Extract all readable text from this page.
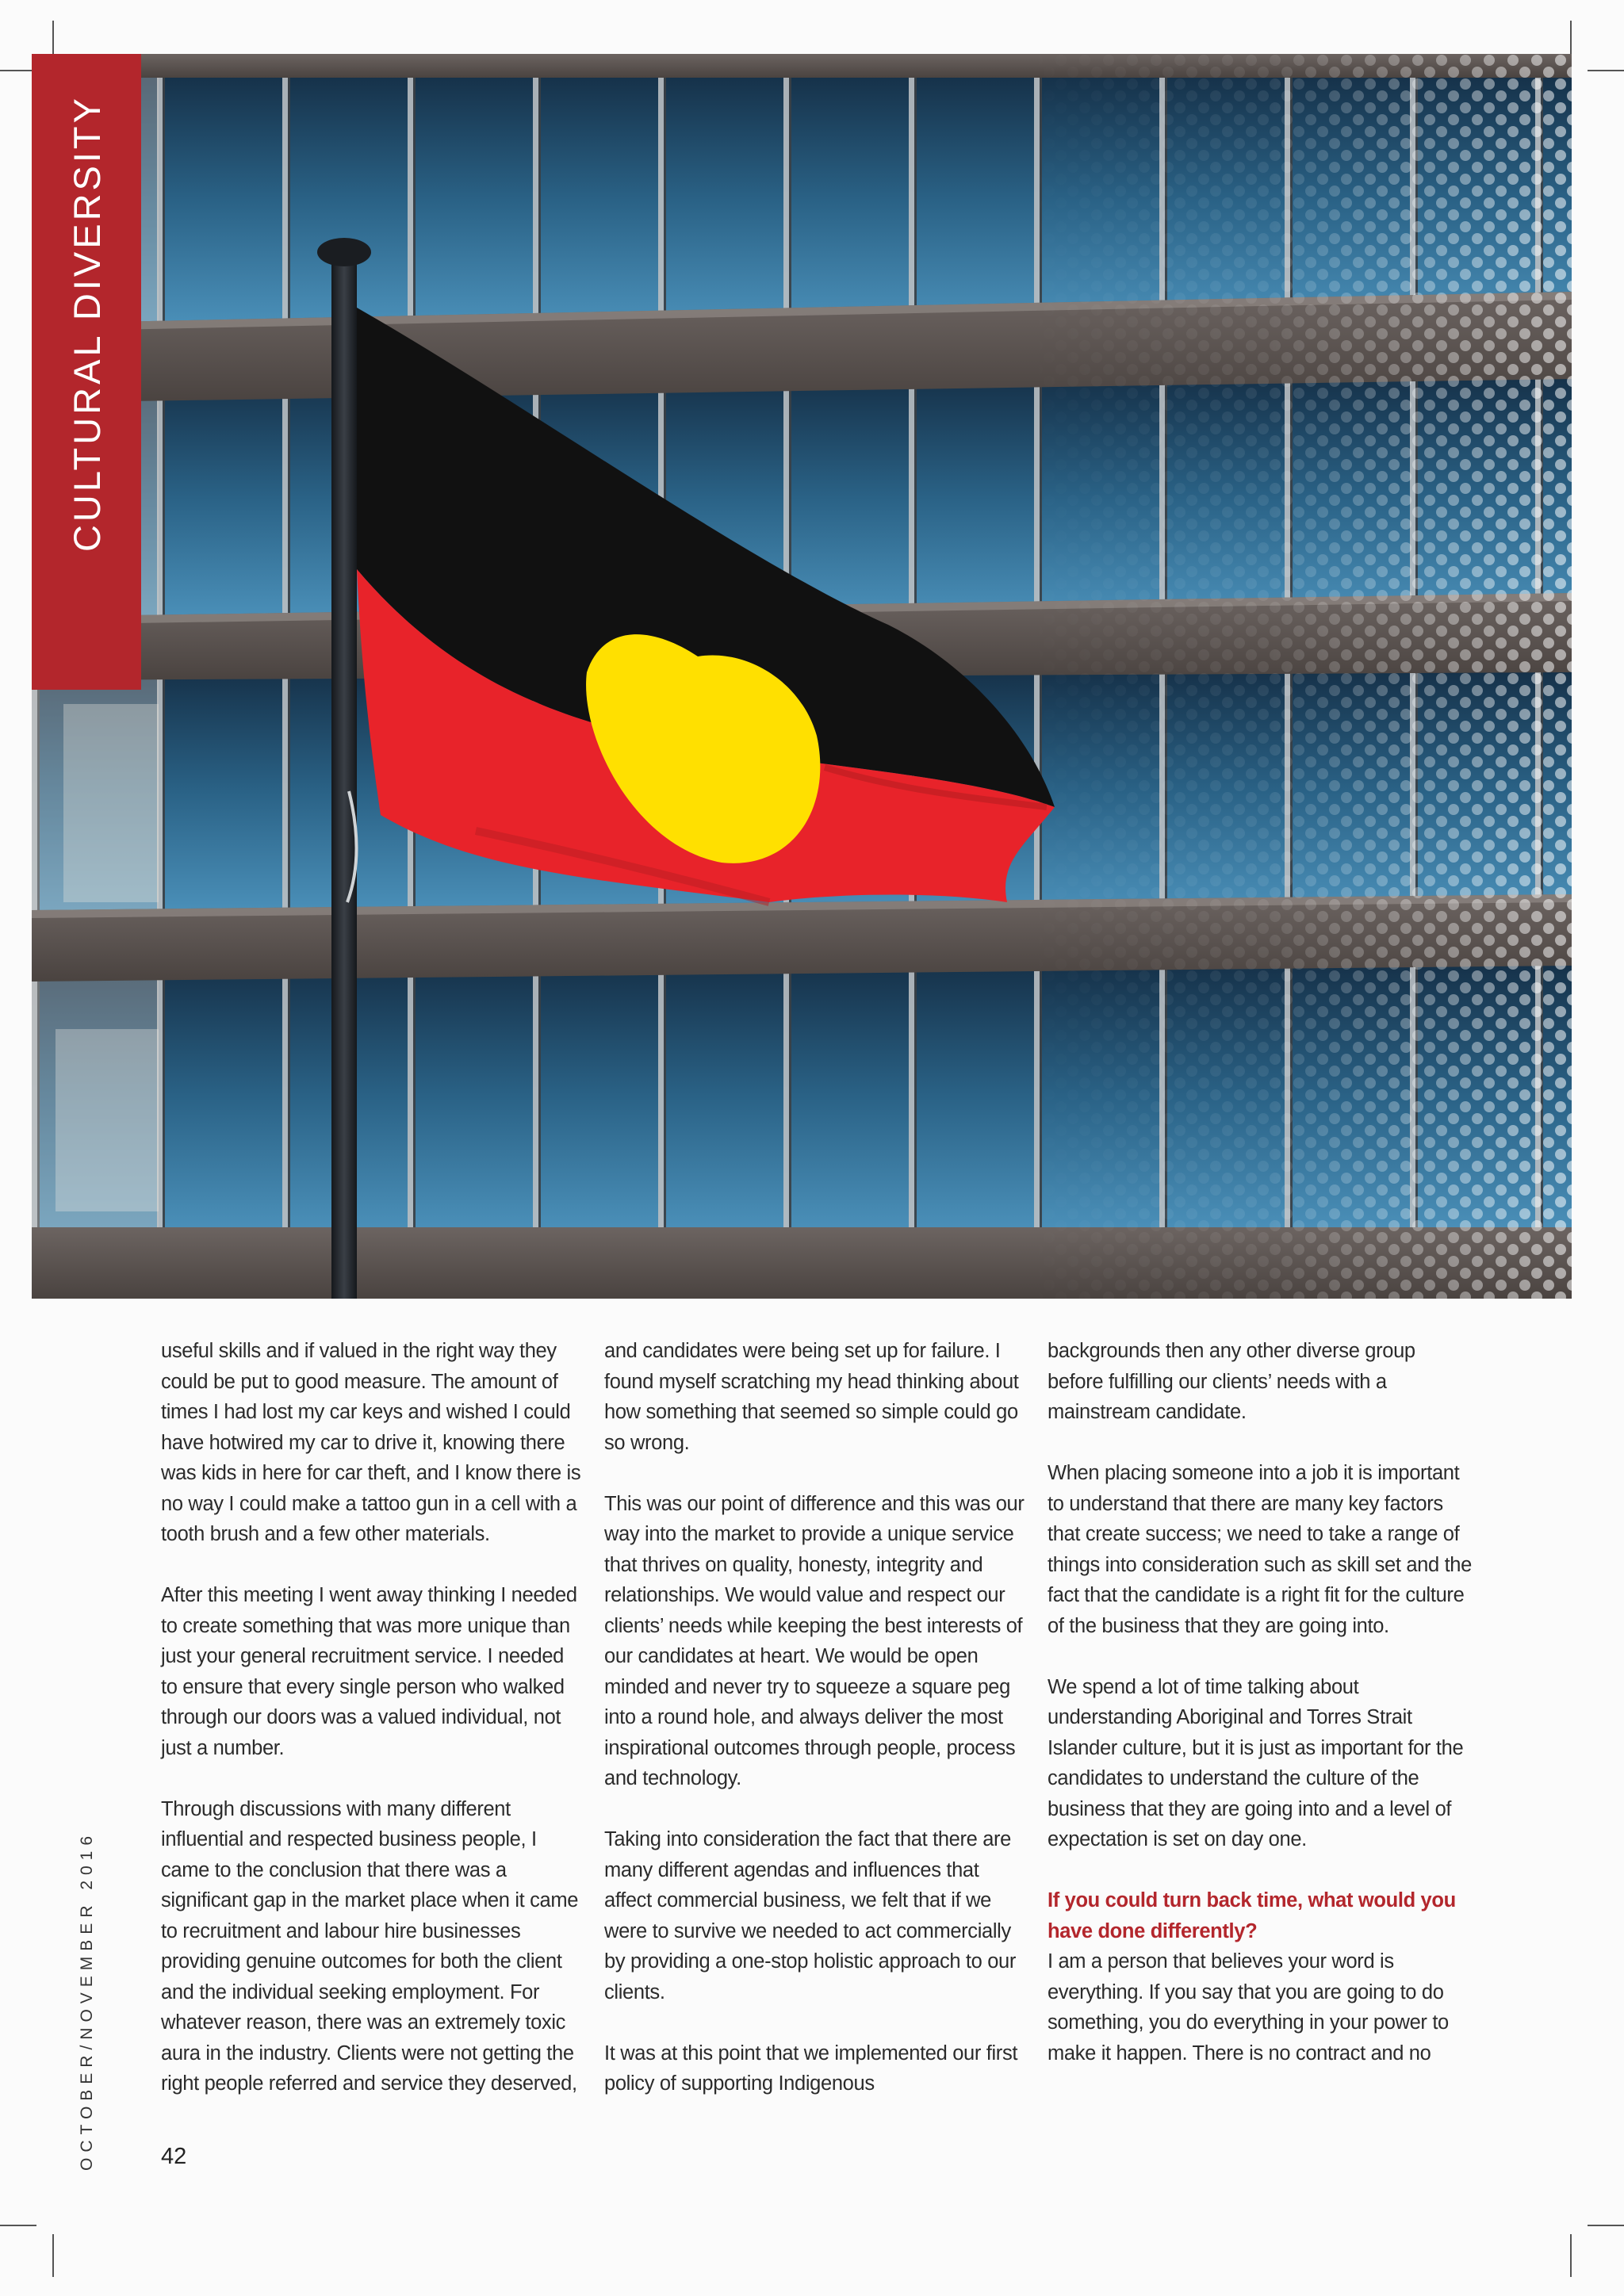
CULTURAL DIVERSITY
OCTOBER/NOVEMBER 2016

useful skills and if valued in the right way they could be put to good measure. The amount of times I had lost my car keys and wished I could have hotwired my car to drive it, knowing there was kids in here for car theft, and I know there is no way I could make a tattoo gun in a cell with a tooth brush and a few other materials.

After this meeting I went away thinking I needed to create something that was more unique than just your general recruitment service. I needed to ensure that every single person who walked through our doors was a valued individual, not just a number.

Through discussions with many different influential and respected business people, I came to the conclusion that there was a significant gap in the market place when it came to recruitment and labour hire businesses providing genuine outcomes for both the client and the individual seeking employment. For whatever reason, there was an extremely toxic aura in the industry. Clients were not getting the right people referred and service they deserved,

and candidates were being set up for failure. I found myself scratching my head thinking about how something that seemed so simple could go so wrong.

This was our point of difference and this was our way into the market to provide a unique service that thrives on quality, honesty, integrity and relationships. We would value and respect our clients’ needs while keeping the best interests of our candidates at heart. We would be open minded and never try to squeeze a square peg into a round hole, and always deliver the most inspirational outcomes through people, process and technology.

Taking into consideration the fact that there are many different agendas and influences that affect commercial business, we felt that if we were to survive we needed to act commercially by providing a one-stop holistic approach to our clients.

It was at this point that we implemented our first policy of supporting Indigenous

backgrounds then any other diverse group before fulfilling our clients’ needs with a mainstream candidate.

When placing someone into a job it is important to understand that there are many key factors that create success; we need to take a range of things into consideration such as skill set and the fact that the candidate is a right fit for the culture of the business that they are going into.

We spend a lot of time talking about understanding Aboriginal and Torres Strait Islander culture, but it is just as important for the candidates to understand the culture of the business that they are going into and a level of expectation is set on day one.

If you could turn back time, what would you have done differently?

I am a person that believes your word is everything. If you say that you are going to do something, you do everything in your power to make it happen. There is no contract and no

42
